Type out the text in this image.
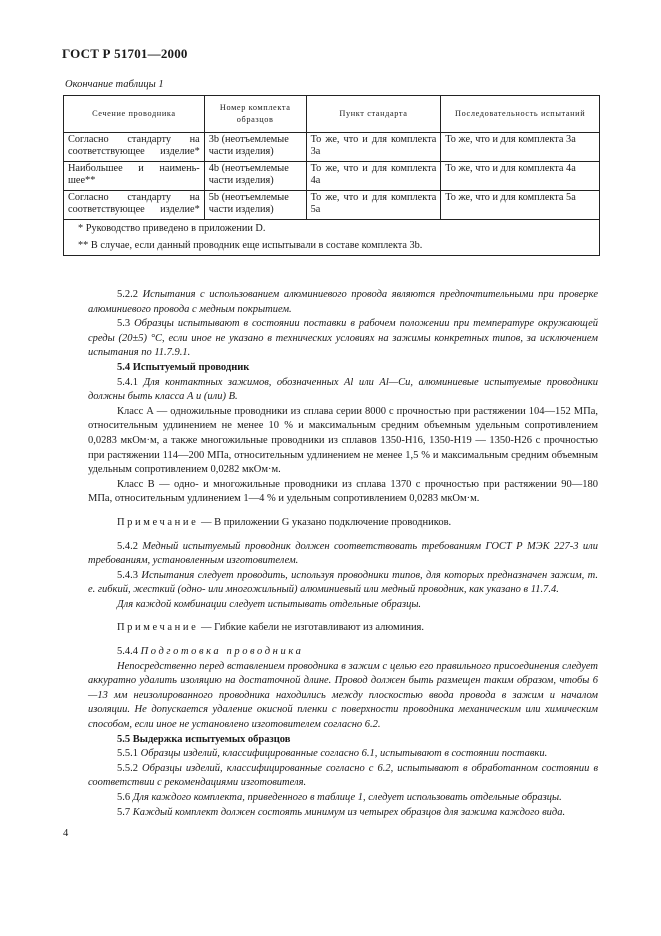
ГОСТ Р 51701—2000
Окончание таблицы 1
Сечение проводника	Номер комплекта образцов	Пункт стандарта	Последовательность испытаний
Согласно стандарту на соответствующее изделие*	3b (неотъемлемые части изделия)	То же, что и для комплекта 3a	То же, что и для комплекта 3a
Наибольшее и наимень-шее**	4b (неотъемлемые части изделия)	То же, что и для комплекта 4a	То же, что и для комплекта 4a
Согласно стандарту на соответствующее изделие*	5b (неотъемлемые части изделия)	То же, что и для комплекта 5a	То же, что и для комплекта 5a

* Руководство приведено в приложении D.
** В случае, если данный проводник еще испытывали в составе комплекта 3b.			

5.2.2 Испытания с использованием алюминиевого провода являются предпочтительными при проверке алюминиевого провода с медным покрытием.

5.3 Образцы испытывают в состоянии поставки в рабочем положении при температуре окружающей среды (20±5) °С, если иное не указано в технических условиях на зажимы конкретных типов, за исключением испытания по 11.7.9.1.

5.4 Испытуемый проводник

5.4.1 Для контактных зажимов, обозначенных Al или Al—Cu, алюминиевые испытуемые проводники должны быть класса А и (или) В.

Класс А — одножильные проводники из сплава серии 8000 с прочностью при растяжении 104—152 МПа, относительным удлинением не менее 10 % и максимальным средним объемным удельным сопротивлением 0,0283 мкОм·м, а также многожильные проводники из сплавов 1350-Н16, 1350-Н19 — 1350-Н26 с прочностью при растяжении 114—200 МПа, относительным удлинением не менее 1,5 % и максимальным средним объемным удельным сопротивлением 0,0282 мкОм·м.

Класс В — одно- и многожильные проводники из сплава 1370 с прочностью при растяжении 90—180 МПа, относительным удлинением 1—4 % и удельным сопротивлением 0,0283 мкОм·м.

Примечание — В приложении G указано подключение проводников.

5.4.2 Медный испытуемый проводник должен соответствовать требованиям ГОСТ Р МЭК 227-3 или требованиям, установленным изготовителем.

5.4.3 Испытания следует проводить, используя проводники типов, для которых предназначен зажим, т. е. гибкий, жесткий (одно- или многожильный) алюминиевый или медный проводник, как указано в 11.7.4.

Для каждой комбинации следует испытывать отдельные образцы.

Примечание — Гибкие кабели не изготавливают из алюминия.

5.4.4 Подготовка проводника

Непосредственно перед вставлением проводника в зажим с целью его правильного присоединения следует аккуратно удалить изоляцию на достаточной длине. Провод должен быть размещен таким образом, чтобы 6—13 мм неизолированного проводника находились между плоскостью ввода провода в зажим и началом изоляции. Не допускается удаление окисной пленки с поверхности проводника механическим или химическим способом, если иное не установлено изготовителем согласно 6.2.

5.5 Выдержка испытуемых образцов

5.5.1 Образцы изделий, классифицированные согласно 6.1, испытывают в состоянии поставки.

5.5.2 Образцы изделий, классифицированные согласно с 6.2, испытывают в обработанном состоянии в соответствии с рекомендациями изготовителя.

5.6 Для каждого комплекта, приведенного в таблице 1, следует использовать отдельные образцы.

5.7 Каждый комплект должен состоять минимум из четырех образцов для зажима каждого вида.

4
